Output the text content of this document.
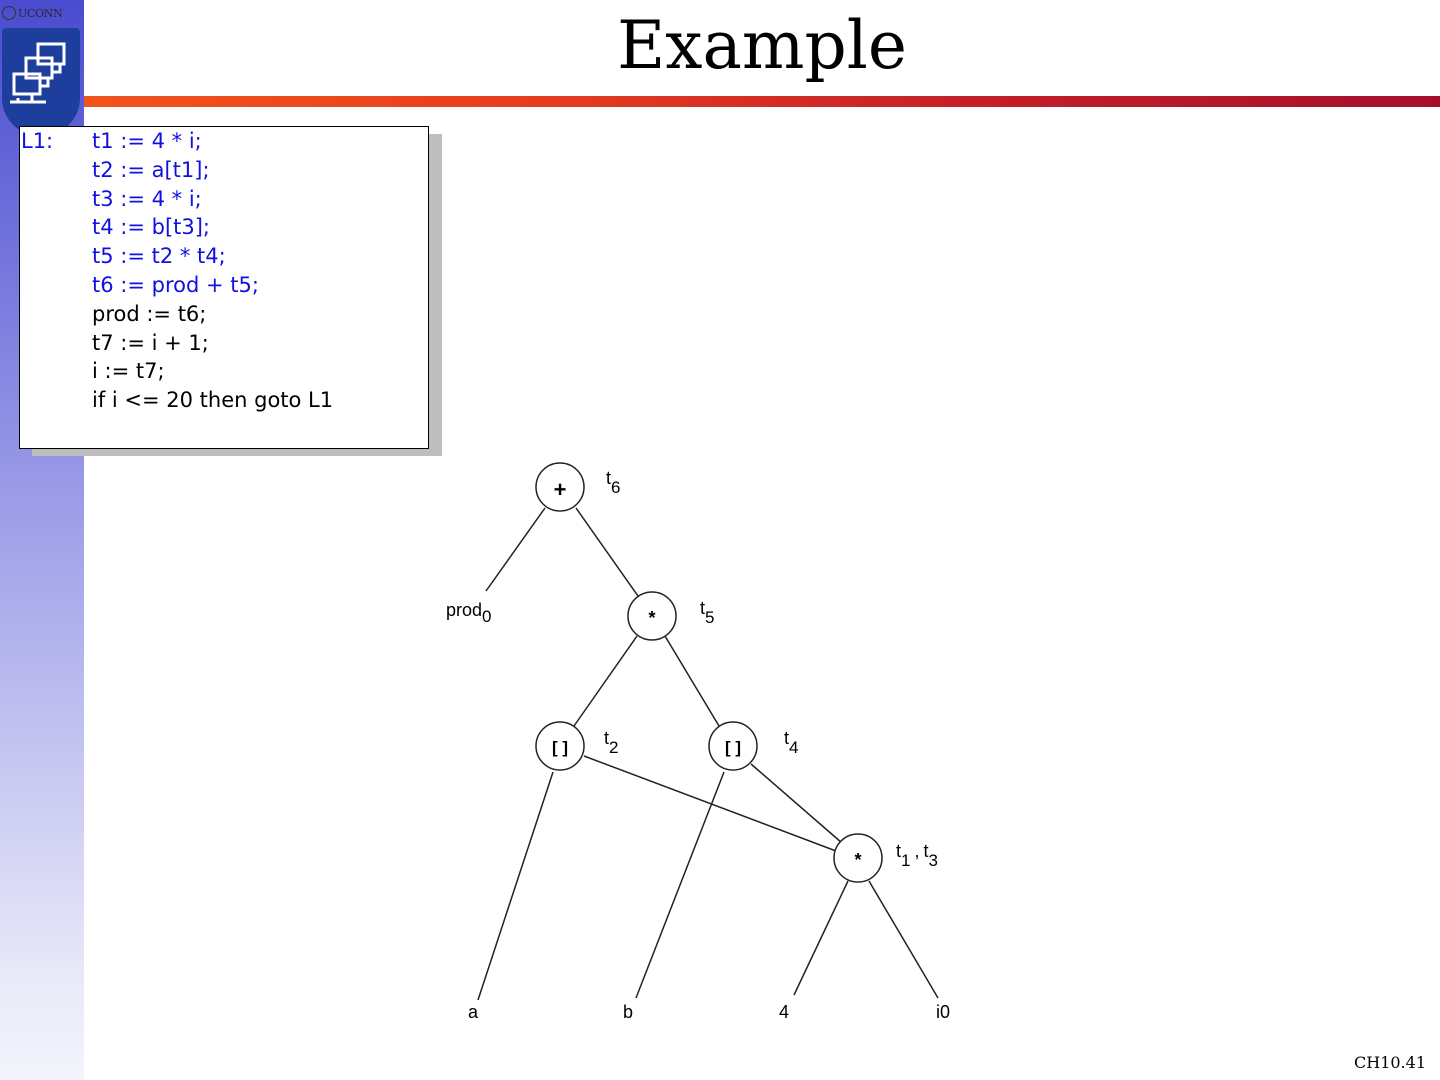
UCONN	Example
L1: t1 := 4 * i;
t2 := a[t1];
t3 := 4 * i;
t4 := b[t3];
t5 := t2 * t4;
t6 := prod + t5;
prod := t6;
t7 := i + 1;
i := t7;
if i <= 20 then goto L1
+
*
[ ]	[ ]
*
t6
t5
t2	t4
t1 , t3
prod0
a	b	4	i0
CH10.41
